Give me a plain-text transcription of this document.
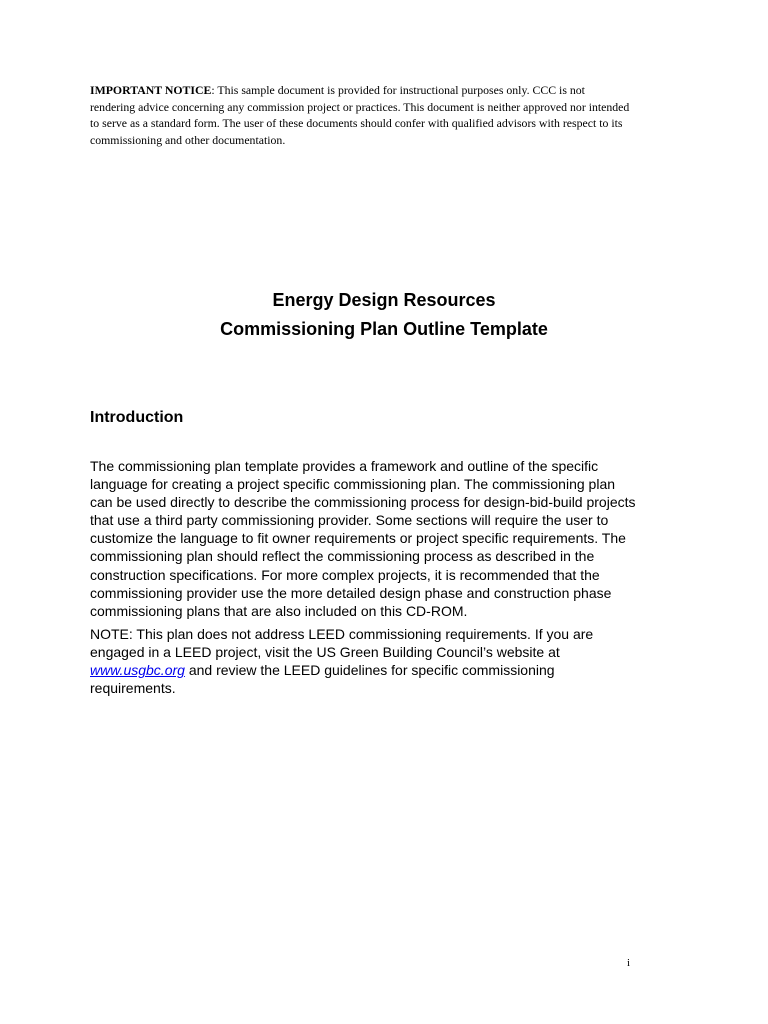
IMPORTANT NOTICE: This sample document is provided for instructional purposes only. CCC is not
rendering advice concerning any commission project or practices. This document is neither approved nor intended
to serve as a standard form. The user of these documents should confer with qualified advisors with respect to its
commissioning and other documentation.
Energy Design Resources
Commissioning Plan Outline Template
Introduction
The commissioning plan template provides a framework and outline of the specific
language for creating a project specific commissioning plan. The commissioning plan
can be used directly to describe the commissioning process for design-bid-build projects
that use a third party commissioning provider. Some sections will require the user to
customize the language to fit owner requirements or project specific requirements. The
commissioning plan should reflect the commissioning process as described in the
construction specifications. For more complex projects, it is recommended that the
commissioning provider use the more detailed design phase and construction phase
commissioning plans that are also included on this CD-ROM.
NOTE: This plan does not address LEED commissioning requirements. If you are
engaged in a LEED project, visit the US Green Building Council’s website at
www.usgbc.org and review the LEED guidelines for specific commissioning
requirements.
i
